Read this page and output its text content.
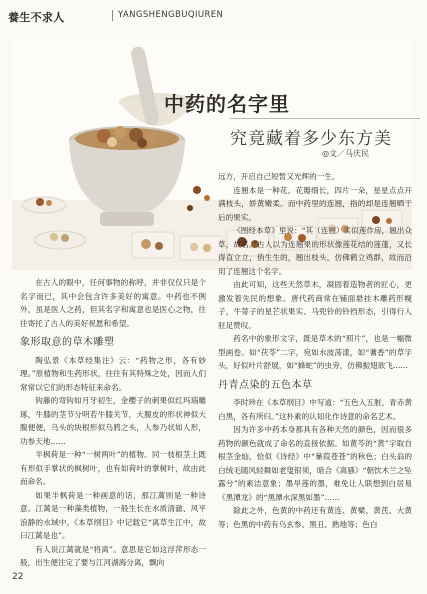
養生不求人	YANGSHENGBUQIUREN
中药的名字里
究竟藏着多少东方美
◎文／马庆民

在古人的眼中，任何事物的称呼，并非仅仅只是个名字而已，其中会包含许多美好的寓意。中药也不例外，虽是医人之药，但其名字和寓意也是医心之物，往往寄托了古人的美好祝愿和希望。

象形取意的草木雕塑

陶弘景《本草经集注》云：“药物之形，各有妙理。”原植物和生药形状，往往有其特殊之处，因而人们常常以它们的形态特征来命名。

钩藤的弯钩如月牙初生，金樱子的刺果似红玛瑙雕琢，牛膝的茎节分明若牛膝关节，大腹皮的形状神似大腹便便，乌头的块根形似乌鸦之头，人参乃状如人形，功参天地……

半枫荷是一种“一树两叶”的植物。同一枝根茎上既有形似手掌状的枫树叶，也有如荷叶的掌树叶，故由此而命名。

如果半枫荷是一种画意的话，那江蓠则是一种诗意。江蓠是一种藻类植物，一般生长在水质清澈、风平浪静的水域中。《本草纲目》中记载它“离草生江中，故曰江蓠是也”。

有人说江蓠就是“将离”。意思是它如这浮萍形态一般，出生便注定了要与江河湖海分离，飘向

远方，开启自己短暂又光辉的一生。

连翘本是一种花。花瓣细长，四片一朵，星星点点开满枝头，娇黄嫩柔。而中药里的连翘，指的却是连翘晒干后的果实。

《图经本草》里说：“其（连翘）实似莲作房，翘出众草，故名。”古人以为连翘果的形状像莲花结的莲蓬，又长得直立立，俏生生的，翘出枝头，仿佛鹤立鸡群，故而沿用了连翘这个名字。

由此可知，这些天然草木，凝固着造物者的匠心，更激发着先民的想象。唐代药商常在铺面悬挂木雕药形幌子，牛蒡子的星芒状果实、马兜铃的铃铛形态，引得行人驻足赞叹。

药名中的象形文字，既是草木的“照片”，也是一幅微型画卷。如“茯苓”二字，宛如水波荡漾，如“蓍香”的草字头，好似叶片舒展，如“蜂蛇”的虫旁，仿佛振翅欲飞……

丹青点染的五色本草

李时珍在《本草纲目》中写道：“五色入五脏，青赤黄白黑，各有所归。”这朴素的认知化作诗意的命名艺术。

因为许多中药本身都具有各种天然的颜色，因而很多药物的颜色就成了命名的直接依据。如黄芩的“黄”字取自根茎金灿，恰似《诗经》中“蒹葭苍苍”的秋色；白头翁的白绒毛随风轻舞如老叟银须，暗合《离骚》“朝饮木兰之坠露兮”的素洁意象；墨旱莲的墨，难免让人联想到白居易《黑潭龙》的“黑潭水深黑如墨”……

除此之外，色黄的中药还有黄连、黄檗、黄芪、大黄等；色黑的中药有乌玄参、黑丑、熟地等；色白

22
